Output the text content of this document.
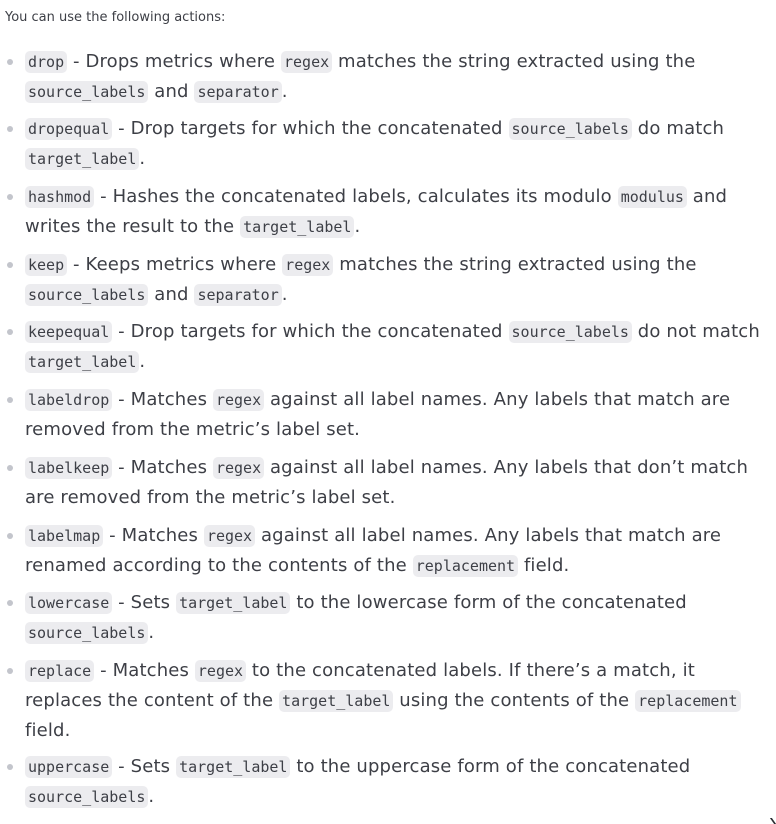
You can use the following actions:
drop - Drops metrics where regex matches the string extracted using the source_labels and separator .
dropequal - Drop targets for which the concatenated source_labels do match target_label .
hashmod - Hashes the concatenated labels, calculates its modulo modulus and writes the result to the target_label .
keep - Keeps metrics where regex matches the string extracted using the source_labels and separator .
keepequal - Drop targets for which the concatenated source_labels do not match target_label .
labeldrop - Matches regex against all label names. Any labels that match are removed from the metric’s label set.
labelkeep - Matches regex against all label names. Any labels that don’t match are removed from the metric’s label set.
labelmap - Matches regex against all label names. Any labels that match are renamed according to the contents of the replacement field.
lowercase - Sets target_label to the lowercase form of the concatenated source_labels .
replace - Matches regex to the concatenated labels. If there’s a match, it replaces the content of the target_label using the contents of the replacement field.
uppercase - Sets target_label to the uppercase form of the concatenated source_labels .
